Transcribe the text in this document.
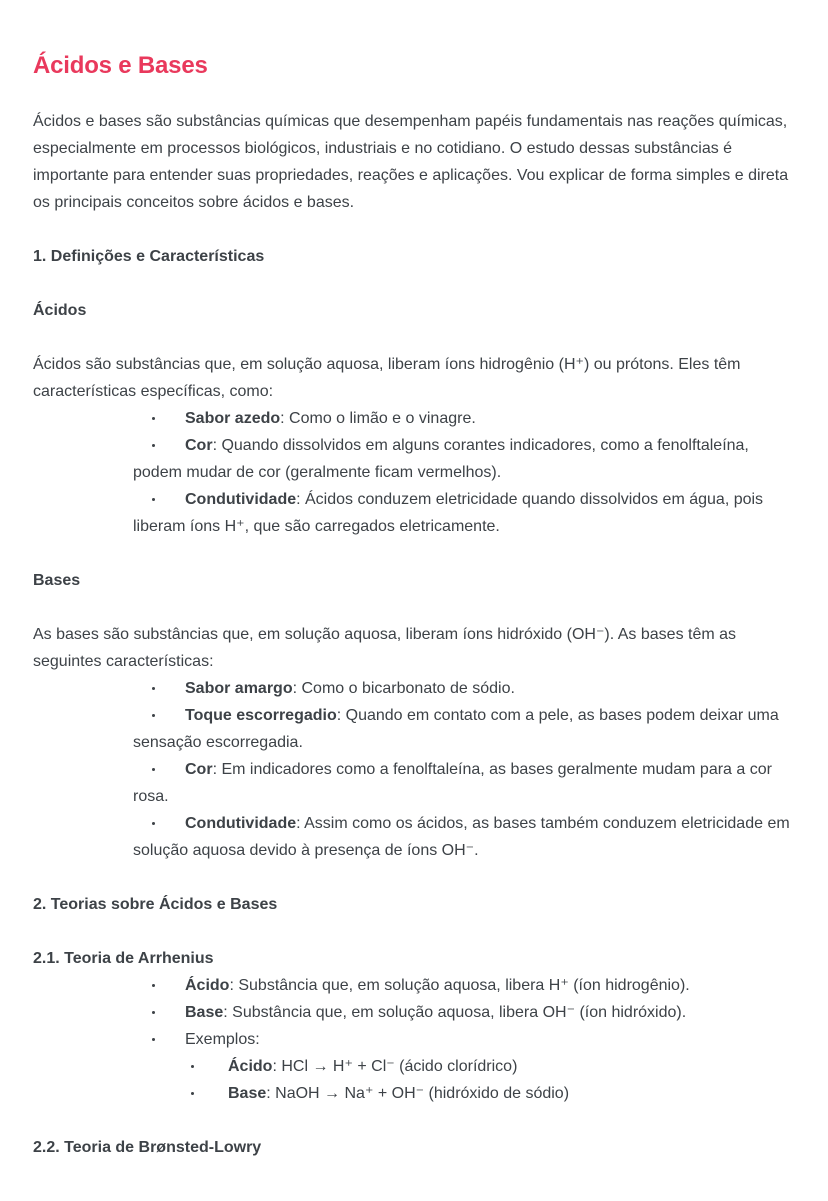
Ácidos e Bases

Ácidos e bases são substâncias químicas que desempenham papéis fundamentais nas reações químicas, especialmente em processos biológicos, industriais e no cotidiano. O estudo dessas substâncias é importante para entender suas propriedades, reações e aplicações. Vou explicar de forma simples e direta os principais conceitos sobre ácidos e bases.

1. Definições e Características
Ácidos

Ácidos são substâncias que, em solução aquosa, liberam íons hidrogênio (H⁺) ou prótons. Eles têm características específicas, como:

Sabor azedo: Como o limão e o vinagre.
Cor: Quando dissolvidos em alguns corantes indicadores, como a fenolftaleína, podem mudar de cor (geralmente ficam vermelhos).
Condutividade: Ácidos conduzem eletricidade quando dissolvidos em água, pois liberam íons H⁺, que são carregados eletricamente.
Bases

As bases são substâncias que, em solução aquosa, liberam íons hidróxido (OH⁻). As bases têm as seguintes características:

Sabor amargo: Como o bicarbonato de sódio.
Toque escorregadio: Quando em contato com a pele, as bases podem deixar uma sensação escorregadia.
Cor: Em indicadores como a fenolftaleína, as bases geralmente mudam para a cor rosa.
Condutividade: Assim como os ácidos, as bases também conduzem eletricidade em solução aquosa devido à presença de íons OH⁻.
2. Teorias sobre Ácidos e Bases
2.1. Teoria de Arrhenius
Ácido: Substância que, em solução aquosa, libera H⁺ (íon hidrogênio).
Base: Substância que, em solução aquosa, libera OH⁻ (íon hidróxido).
Exemplos:
Ácido: HCl → H⁺ + Cl⁻ (ácido clorídrico)
Base: NaOH → Na⁺ + OH⁻ (hidróxido de sódio)
2.2. Teoria de Brønsted-Lowry
